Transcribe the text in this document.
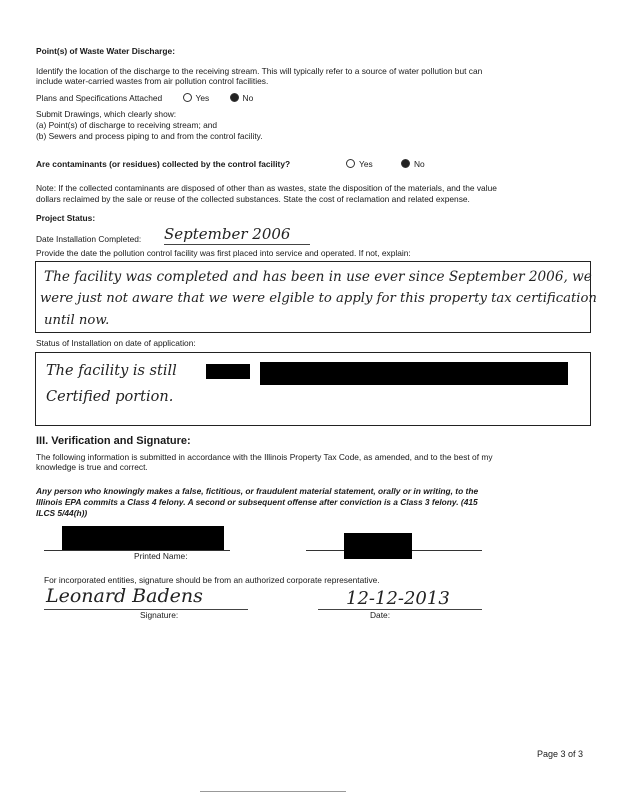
Point(s) of Waste Water Discharge:
Identify the location of the discharge to the receiving stream. This will typically refer to a source of water pollution but can
include water-carried wastes from air pollution control facilities.
Plans and Specifications Attached	Yes	No
Submit Drawings, which clearly show:
(a) Point(s) of discharge to receiving stream; and
(b) Sewers and process piping to and from the control facility.
Are contaminants (or residues) collected by the control facility?	Yes	No
Note: If the collected contaminants are disposed of other than as wastes, state the disposition of the materials, and the value
dollars reclaimed by the sale or reuse of the collected substances. State the cost of reclamation and related expense.
Project Status:
Date Installation Completed: September 2006
Provide the date the pollution control facility was first placed into service and operated. If not, explain:
The facility was completed and has been in use ever since September 2006, we
were just not aware that we were elgible to apply for this property tax certification
until now.
Status of Installation on date of application:
The facility is still
Certified portion.
III. Verification and Signature:
The following information is submitted in accordance with the Illinois Property Tax Code, as amended, and to the best of my
knowledge is true and correct.
Any person who knowingly makes a false, fictitious, or fraudulent material statement, orally or in writing, to the
Illinois EPA commits a Class 4 felony. A second or subsequent offense after conviction is a Class 3 felony. (415
ILCS 5/44(h))
Printed Name:
For incorporated entities, signature should be from an authorized corporate representative.
Leonard Badens
Signature:
12-12-2013
Date:
Page 3 of 3
